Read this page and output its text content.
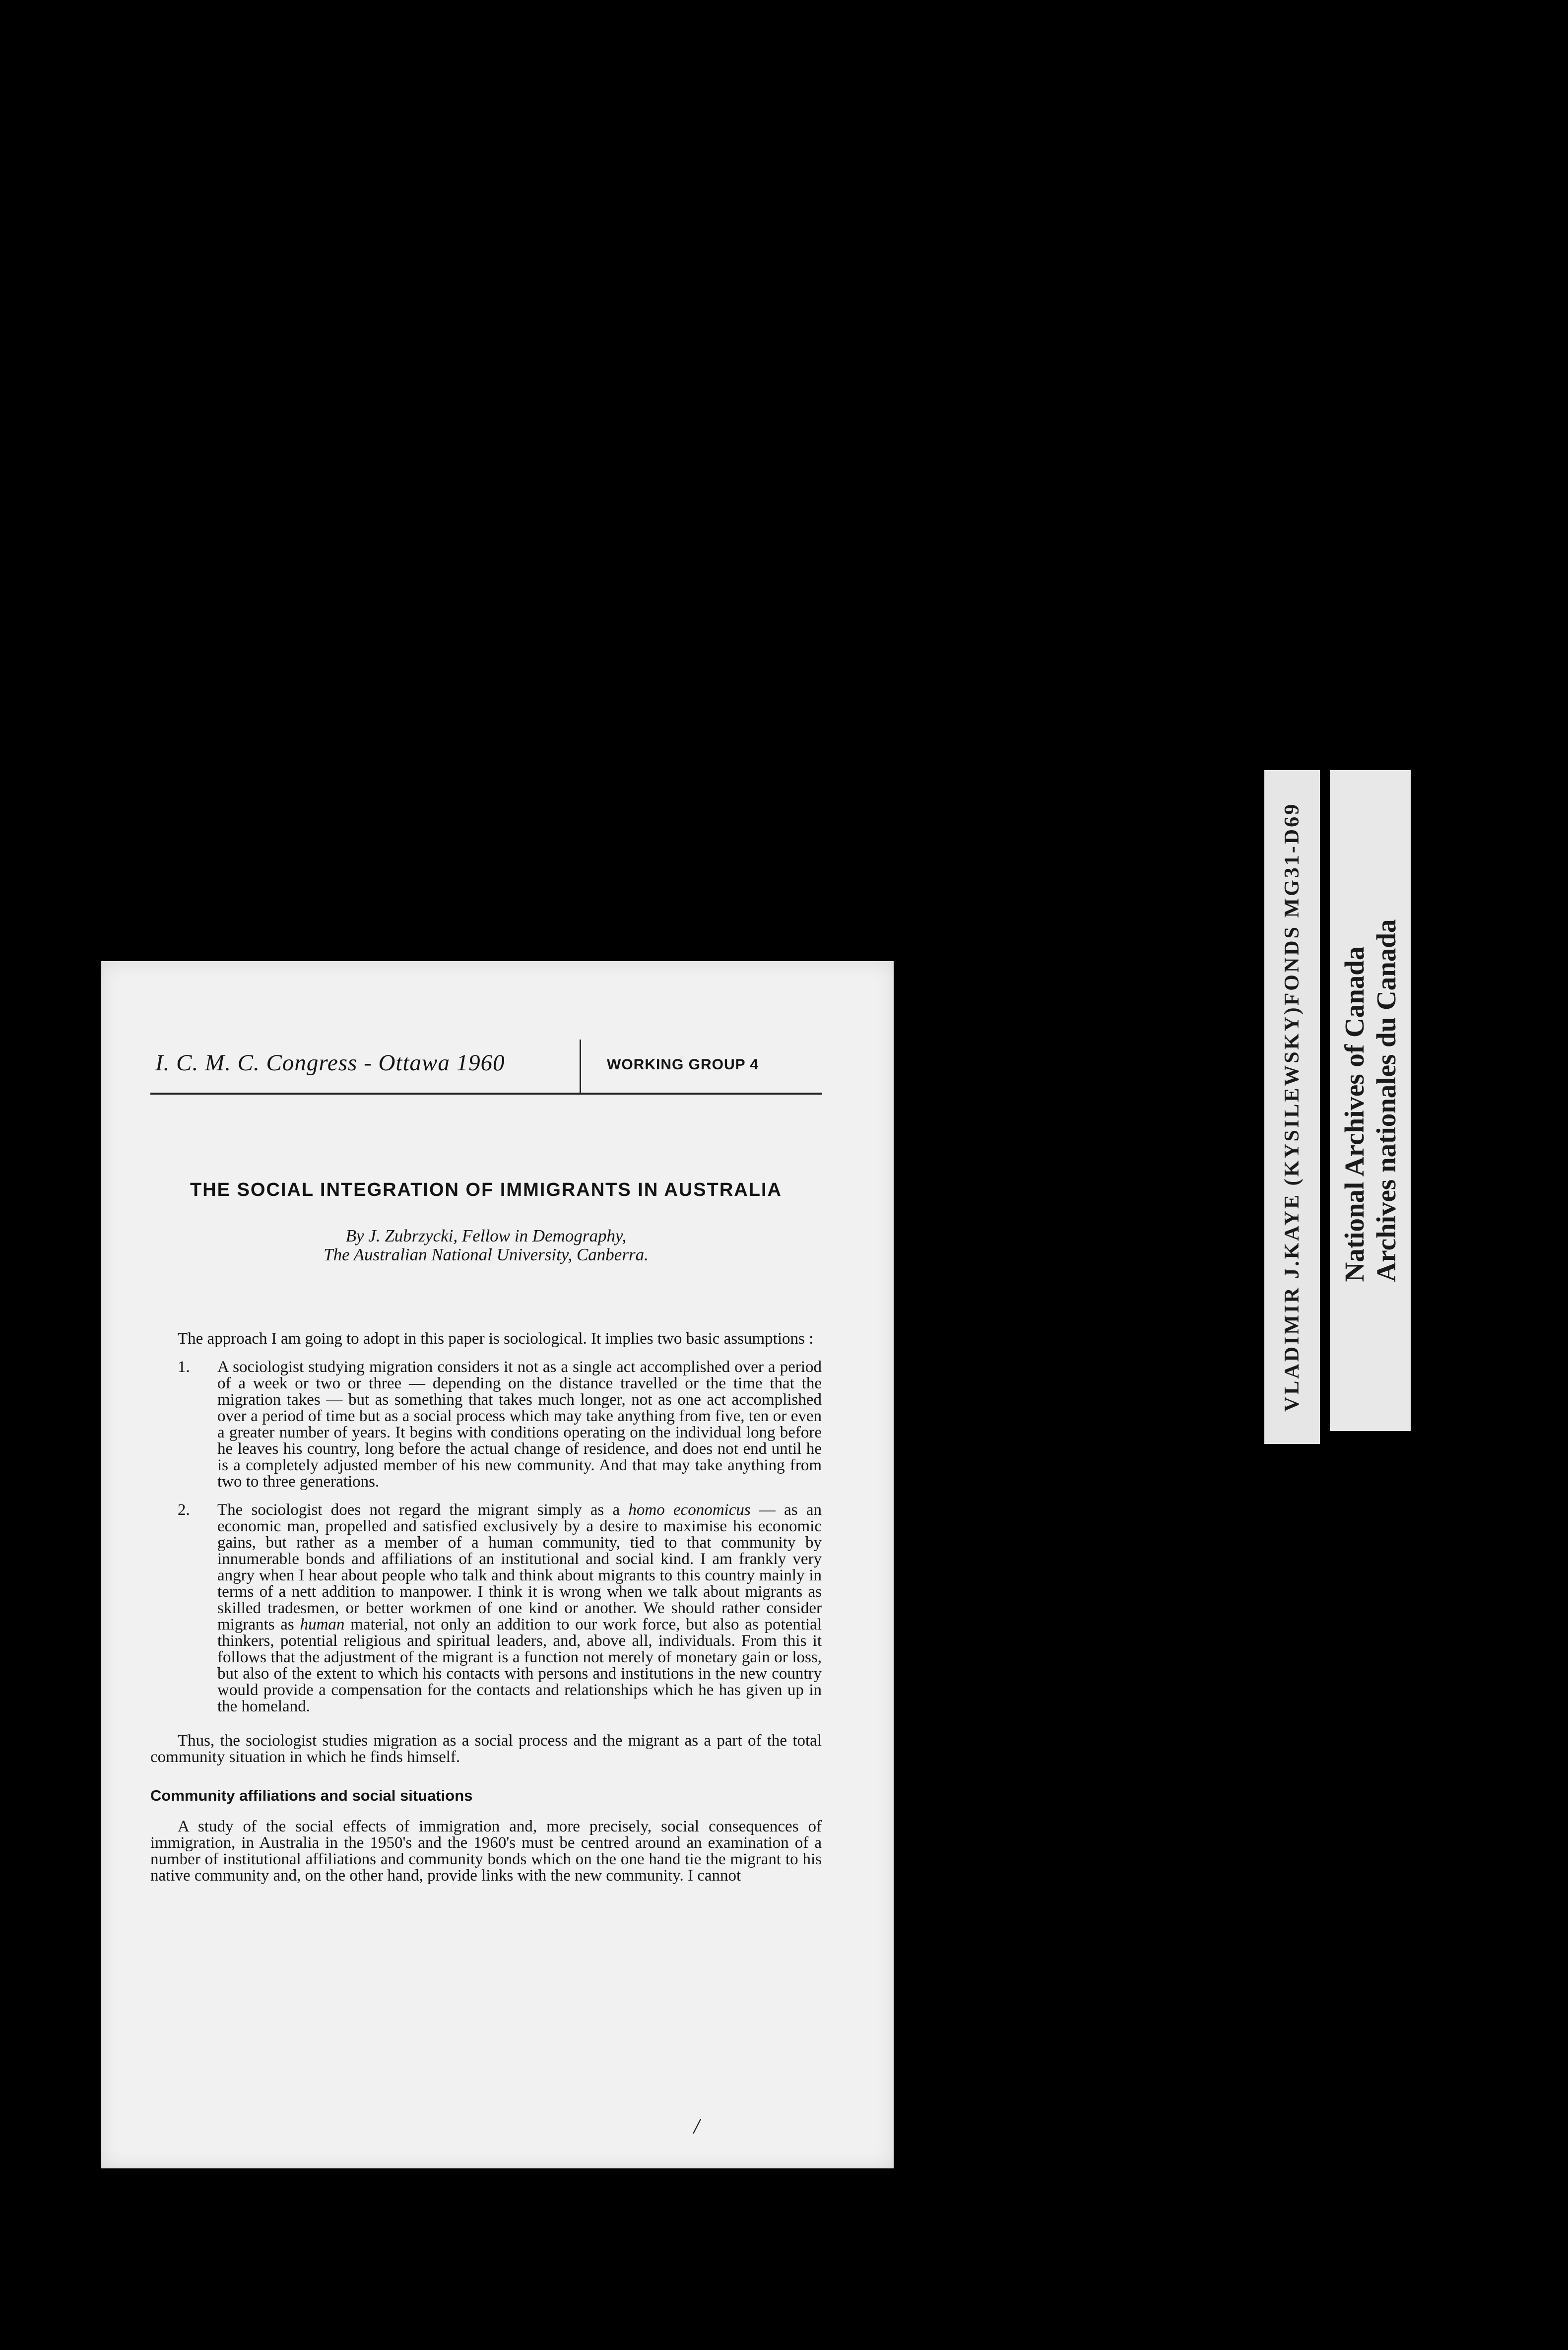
I. C. M. C. Congress - Ottawa 1960	WORKING GROUP 4
THE SOCIAL INTEGRATION OF IMMIGRANTS IN AUSTRALIA
By J. Zubrzycki, Fellow in Demography,
The Australian National University, Canberra.

The approach I am going to adopt in this paper is sociological. It implies two basic assumptions :

1. A sociologist studying migration considers it not as a single act accomplished over a period of a week or two or three — depending on the distance travelled or the time that the migration takes — but as something that takes much longer, not as one act accomplished over a period of time but as a social process which may take anything from five, ten or even a greater number of years. It begins with conditions operating on the individual long before he leaves his country, long before the actual change of residence, and does not end until he is a completely adjusted member of his new community. And that may take anything from two to three generations.

2. The sociologist does not regard the migrant simply as a homo economicus — as an economic man, propelled and satisfied exclusively by a desire to maximise his economic gains, but rather as a member of a human community, tied to that community by innumerable bonds and affiliations of an institutional and social kind. I am frankly very angry when I hear about people who talk and think about migrants to this country mainly in terms of a nett addition to manpower. I think it is wrong when we talk about migrants as skilled tradesmen, or better workmen of one kind or another. We should rather consider migrants as human material, not only an addition to our work force, but also as potential thinkers, potential religious and spiritual leaders, and, above all, individuals. From this it follows that the adjustment of the migrant is a function not merely of monetary gain or loss, but also of the extent to which his contacts with persons and institutions in the new country would provide a compensation for the contacts and relationships which he has given up in the homeland.

Thus, the sociologist studies migration as a social process and the migrant as a part of the total community situation in which he finds himself.

Community affiliations and social situations

A study of the social effects of immigration and, more precisely, social consequences of immigration, in Australia in the 1950's and the 1960's must be centred around an examination of a number of institutional affiliations and community bonds which on the one hand tie the migrant to his native community and, on the other hand, provide links with the new community. I cannot

/
VLADIMIR J.KAYE (KYSILEWSKY)FONDS MG31-D69 National Archives of Canada Archives nationales du Canada
